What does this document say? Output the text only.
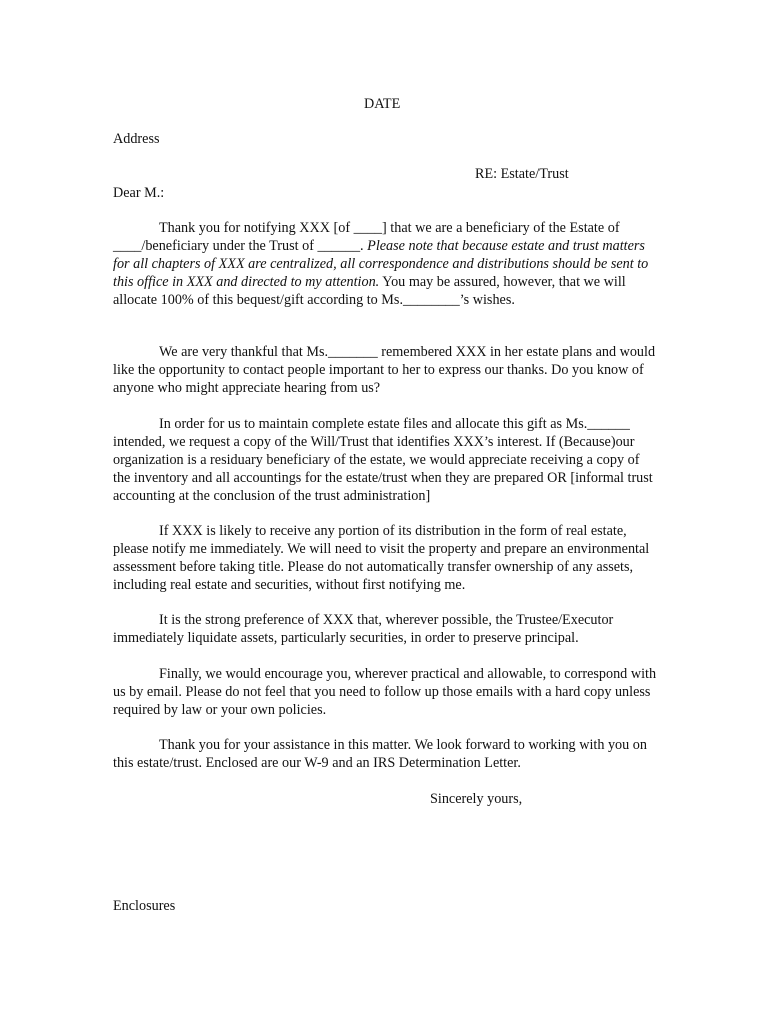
DATE
Address
RE: Estate/Trust
Dear M.:
Thank you for notifying XXX [of ____] that we are a beneficiary of the Estate of ____/beneficiary under the Trust of ______. Please note that because estate and trust matters for all chapters of XXX are centralized, all correspondence and distributions should be sent to this office in XXX and directed to my attention. You may be assured, however, that we will allocate 100% of this bequest/gift according to Ms.________’s wishes.
We are very thankful that Ms._______ remembered XXX in her estate plans and would like the opportunity to contact people important to her to express our thanks. Do you know of anyone who might appreciate hearing from us?
In order for us to maintain complete estate files and allocate this gift as Ms.______ intended, we request a copy of the Will/Trust that identifies XXX’s interest. If (Because)our organization is a residuary beneficiary of the estate, we would appreciate receiving a copy of the inventory and all accountings for the estate/trust when they are prepared OR [informal trust accounting at the conclusion of the trust administration]
If XXX is likely to receive any portion of its distribution in the form of real estate, please notify me immediately. We will need to visit the property and prepare an environmental assessment before taking title. Please do not automatically transfer ownership of any assets, including real estate and securities, without first notifying me.
It is the strong preference of XXX that, wherever possible, the Trustee/Executor immediately liquidate assets, particularly securities, in order to preserve principal.
Finally, we would encourage you, wherever practical and allowable, to correspond with us by email. Please do not feel that you need to follow up those emails with a hard copy unless required by law or your own policies.
Thank you for your assistance in this matter. We look forward to working with you on this estate/trust. Enclosed are our W-9 and an IRS Determination Letter.
Sincerely yours,
Enclosures
